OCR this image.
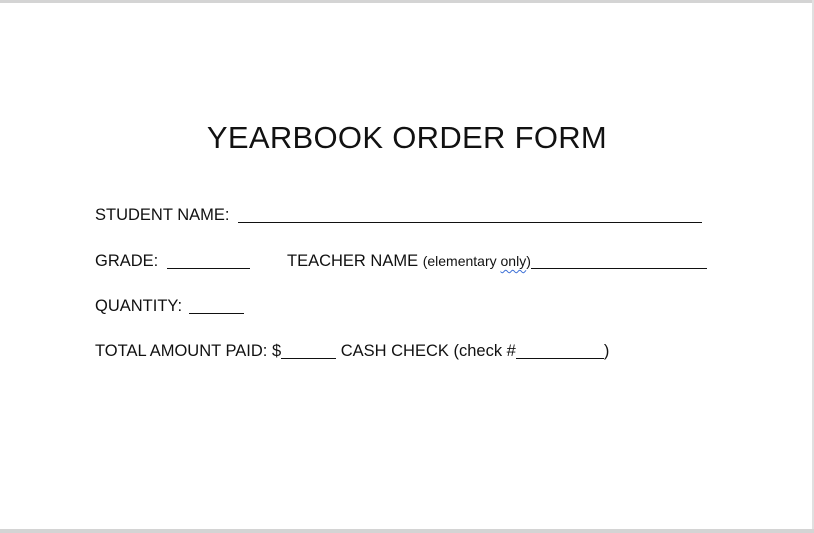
YEARBOOK ORDER FORM
STUDENT NAME:
GRADE:	TEACHER NAME (elementary only)
QUANTITY:
TOTAL AMOUNT PAID: $	CASH CHECK (check #	)
